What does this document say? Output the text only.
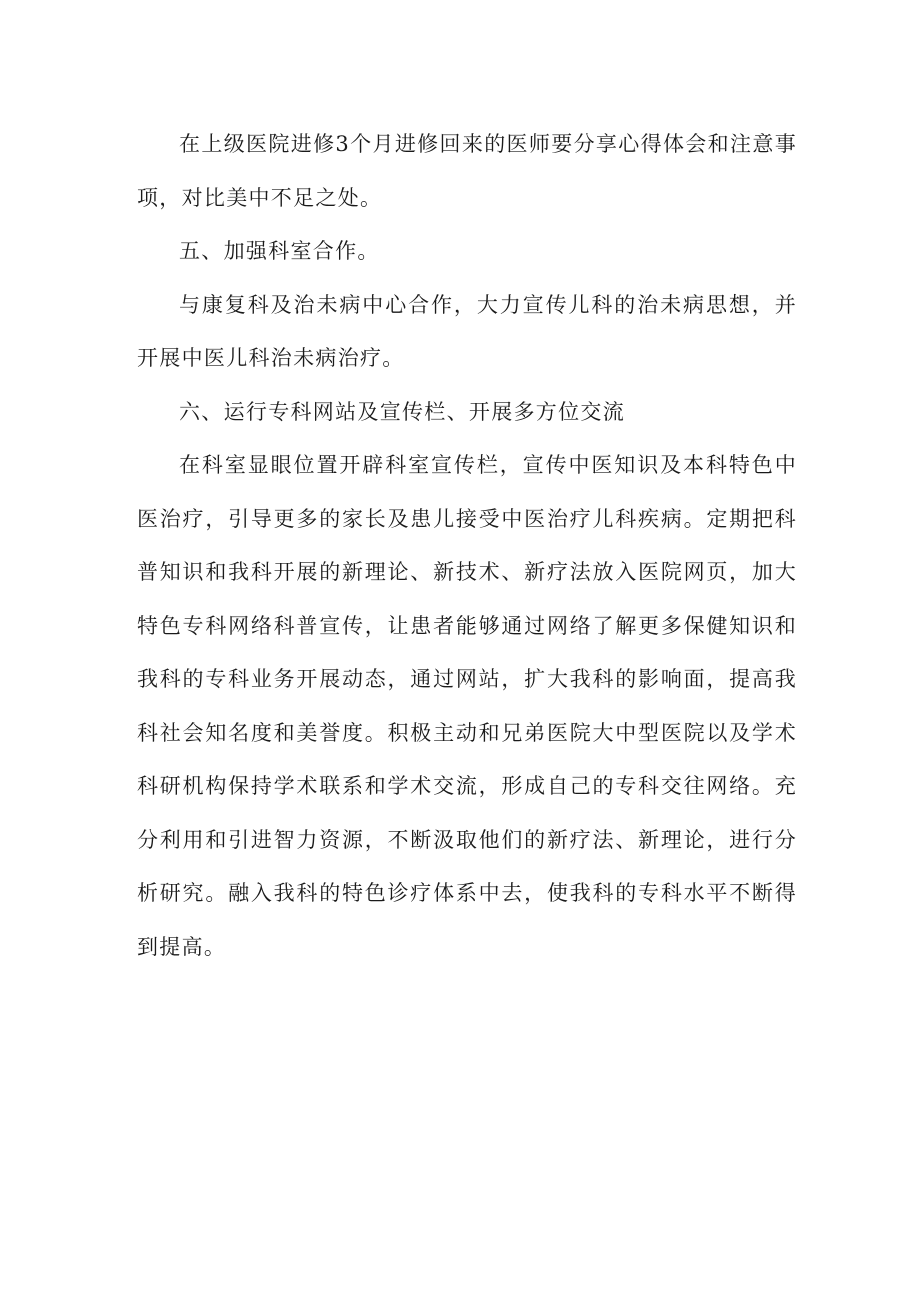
在上级医院进修3个月进修回来的医师要分享心得体会和注意事项，对比美中不足之处。

五、加强科室合作。

与康复科及治未病中心合作，大力宣传儿科的治未病思想，并开展中医儿科治未病治疗。

六、运行专科网站及宣传栏、开展多方位交流

在科室显眼位置开辟科室宣传栏，宣传中医知识及本科特色中医治疗，引导更多的家长及患儿接受中医治疗儿科疾病。定期把科普知识和我科开展的新理论、新技术、新疗法放入医院网页，加大特色专科网络科普宣传，让患者能够通过网络了解更多保健知识和我科的专科业务开展动态，通过网站，扩大我科的影响面，提高我科社会知名度和美誉度。积极主动和兄弟医院大中型医院以及学术科研机构保持学术联系和学术交流，形成自己的专科交往网络。充分利用和引进智力资源，不断汲取他们的新疗法、新理论，进行分析研究。融入我科的特色诊疗体系中去，使我科的专科水平不断得到提高。
